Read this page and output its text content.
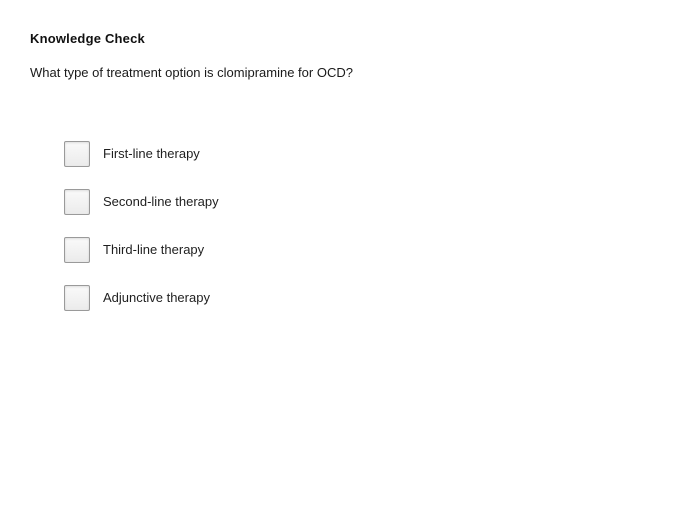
Knowledge Check
What type of treatment option is clomipramine for OCD?
First-line therapy
Second-line therapy
Third-line therapy
Adjunctive therapy
